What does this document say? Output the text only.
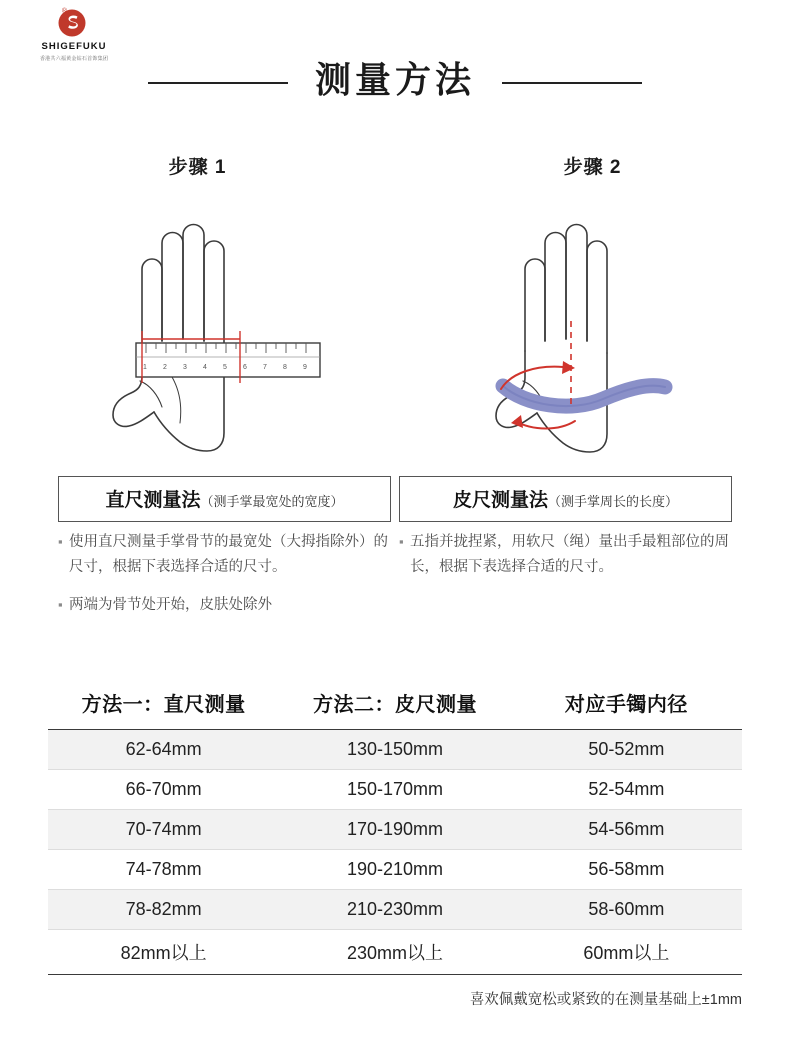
®
SHIGEFUKU
香港共六福黄金钻石首饰集团
测量方法
步骤 1
1 2 3 4 5 6 7 8 9
步骤 2
直尺测量法（测手掌最宽处的宽度）	皮尺测量法（测手掌周长的长度）
▪ 使用直尺测量手掌骨节的最宽处（大拇指除外）的尺寸，根据下表选择合适的尺寸。
▪ 两端为骨节处开始，皮肤处除外
▪ 五指并拢捏紧，用软尺（绳）量出手最粗部位的周长，根据下表选择合适的尺寸。
方法一：直尺测量	方法二：皮尺测量	对应手镯内径
62-64mm	130-150mm	50-52mm
66-70mm	150-170mm	52-54mm
70-74mm	170-190mm	54-56mm
74-78mm	190-210mm	56-58mm
78-82mm	210-230mm	58-60mm
82mm以上	230mm以上	60mm以上
喜欢佩戴宽松或紧致的在测量基础上±1mm
